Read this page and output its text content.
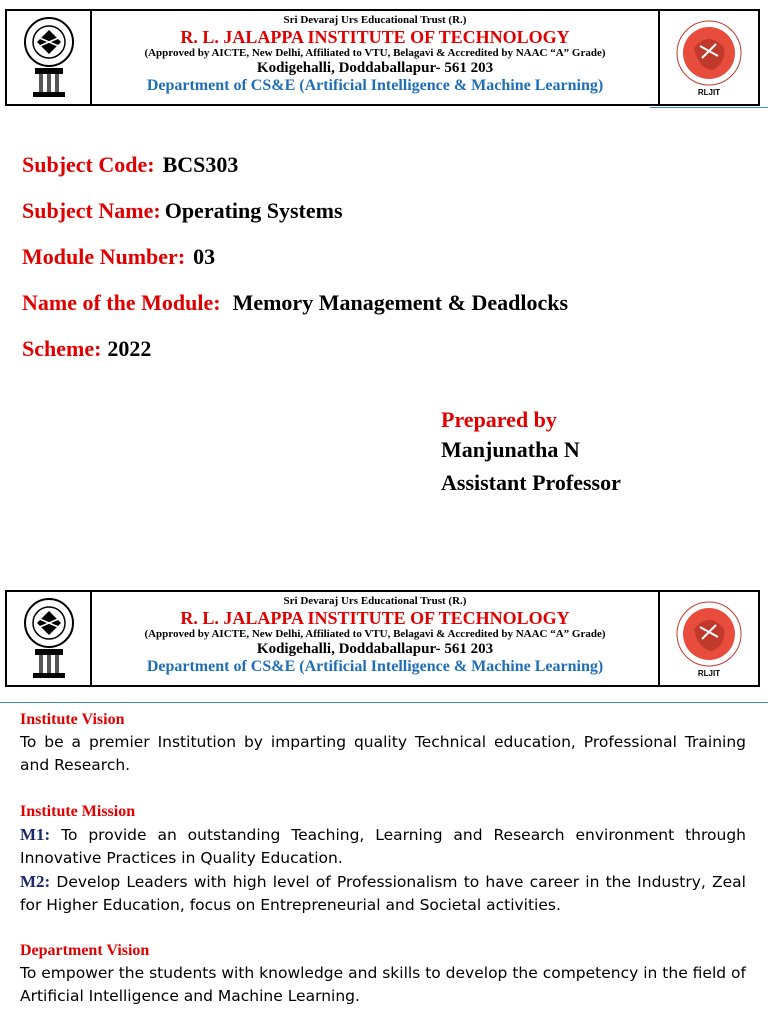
Sri Devaraj Urs Educational Trust (R.)
R. L. JALAPPA INSTITUTE OF TECHNOLOGY
(Approved by AICTE, New Delhi, Affiliated to VTU, Belagavi & Accredited by NAAC “A” Grade)
Kodigehalli, Doddaballapur- 561 203
Department of CS&E (Artificial Intelligence & Machine Learning)	RLJIT
Subject Code: BCS303
Subject Name: Operating Systems
Module Number: 03
Name of the Module: Memory Management & Deadlocks
Scheme: 2022
Prepared by
Manjunatha N
Assistant Professor
Sri Devaraj Urs Educational Trust (R.)
R. L. JALAPPA INSTITUTE OF TECHNOLOGY
(Approved by AICTE, New Delhi, Affiliated to VTU, Belagavi & Accredited by NAAC “A” Grade)
Kodigehalli, Doddaballapur- 561 203
Department of CS&E (Artificial Intelligence & Machine Learning)	RLJIT
Institute Vision
To be a premier Institution by imparting quality Technical education, Professional Training and Research.
Institute Mission
M1: To provide an outstanding Teaching, Learning and Research environment through Innovative Practices in Quality Education.
M2: Develop Leaders with high level of Professionalism to have career in the Industry, Zeal for Higher Education, focus on Entrepreneurial and Societal activities.
Department Vision
To empower the students with knowledge and skills to develop the competency in the field of Artificial Intelligence and Machine Learning.
